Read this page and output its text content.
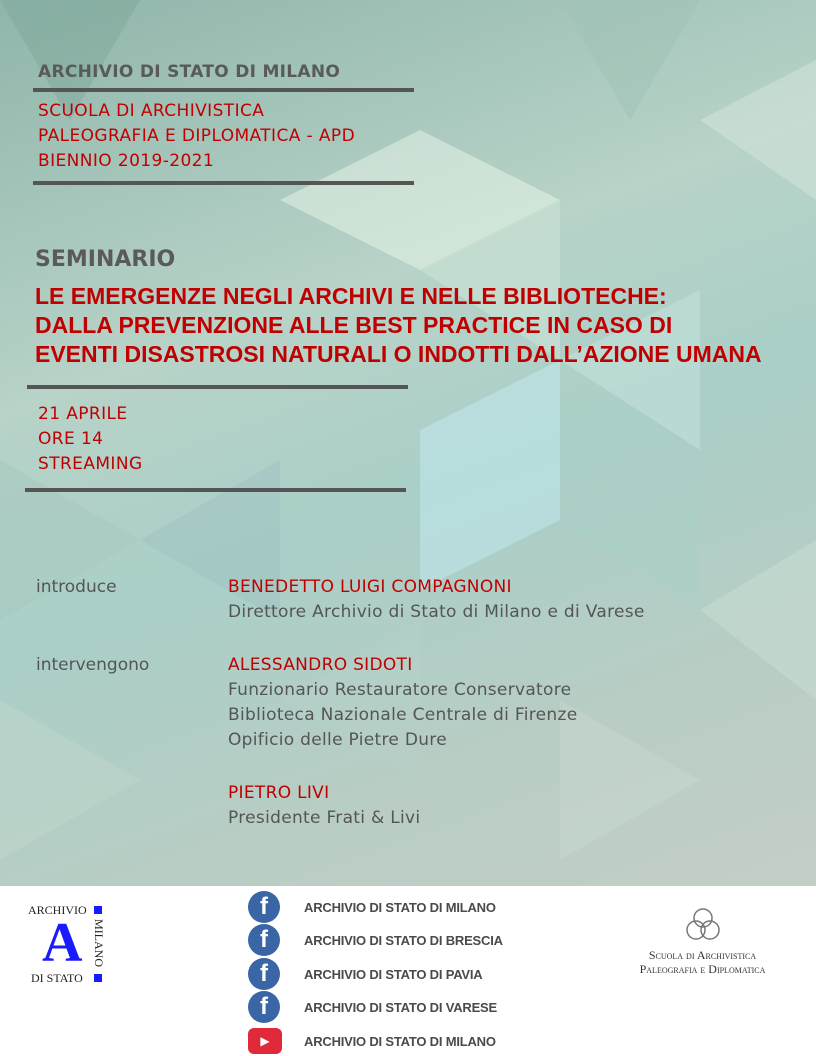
ARCHIVIO DI STATO DI MILANO
SCUOLA DI ARCHIVISTICA
PALEOGRAFIA E DIPLOMATICA - APD
BIENNIO 2019-2021
SEMINARIO
LE EMERGENZE NEGLI ARCHIVI E NELLE BIBLIOTECHE:
DALLA PREVENZIONE ALLE BEST PRACTICE IN CASO DI
EVENTI DISASTROSI NATURALI O INDOTTI DALL’AZIONE UMANA
21 APRILE
ORE 14
STREAMING
introduce	BENEDETTO LUIGI COMPAGNONI
Direttore Archivio di Stato di Milano e di Varese
intervengono	ALESSANDRO SIDOTI
Funzionario Restauratore Conservatore
Biblioteca Nazionale Centrale di Firenze
Opificio delle Pietre Dure
PIETRO LIVI
Presidente Frati & Livi
ARCHIVIO
A MILANO
DI STATO
f	ARCHIVIO DI STATO DI MILANO
f	ARCHIVIO DI STATO DI BRESCIA
f	ARCHIVIO DI STATO DI PAVIA
f	ARCHIVIO DI STATO DI VARESE
▶	ARCHIVIO DI STATO DI MILANO
Scuola di Archivistica
Paleografia e Diplomatica
